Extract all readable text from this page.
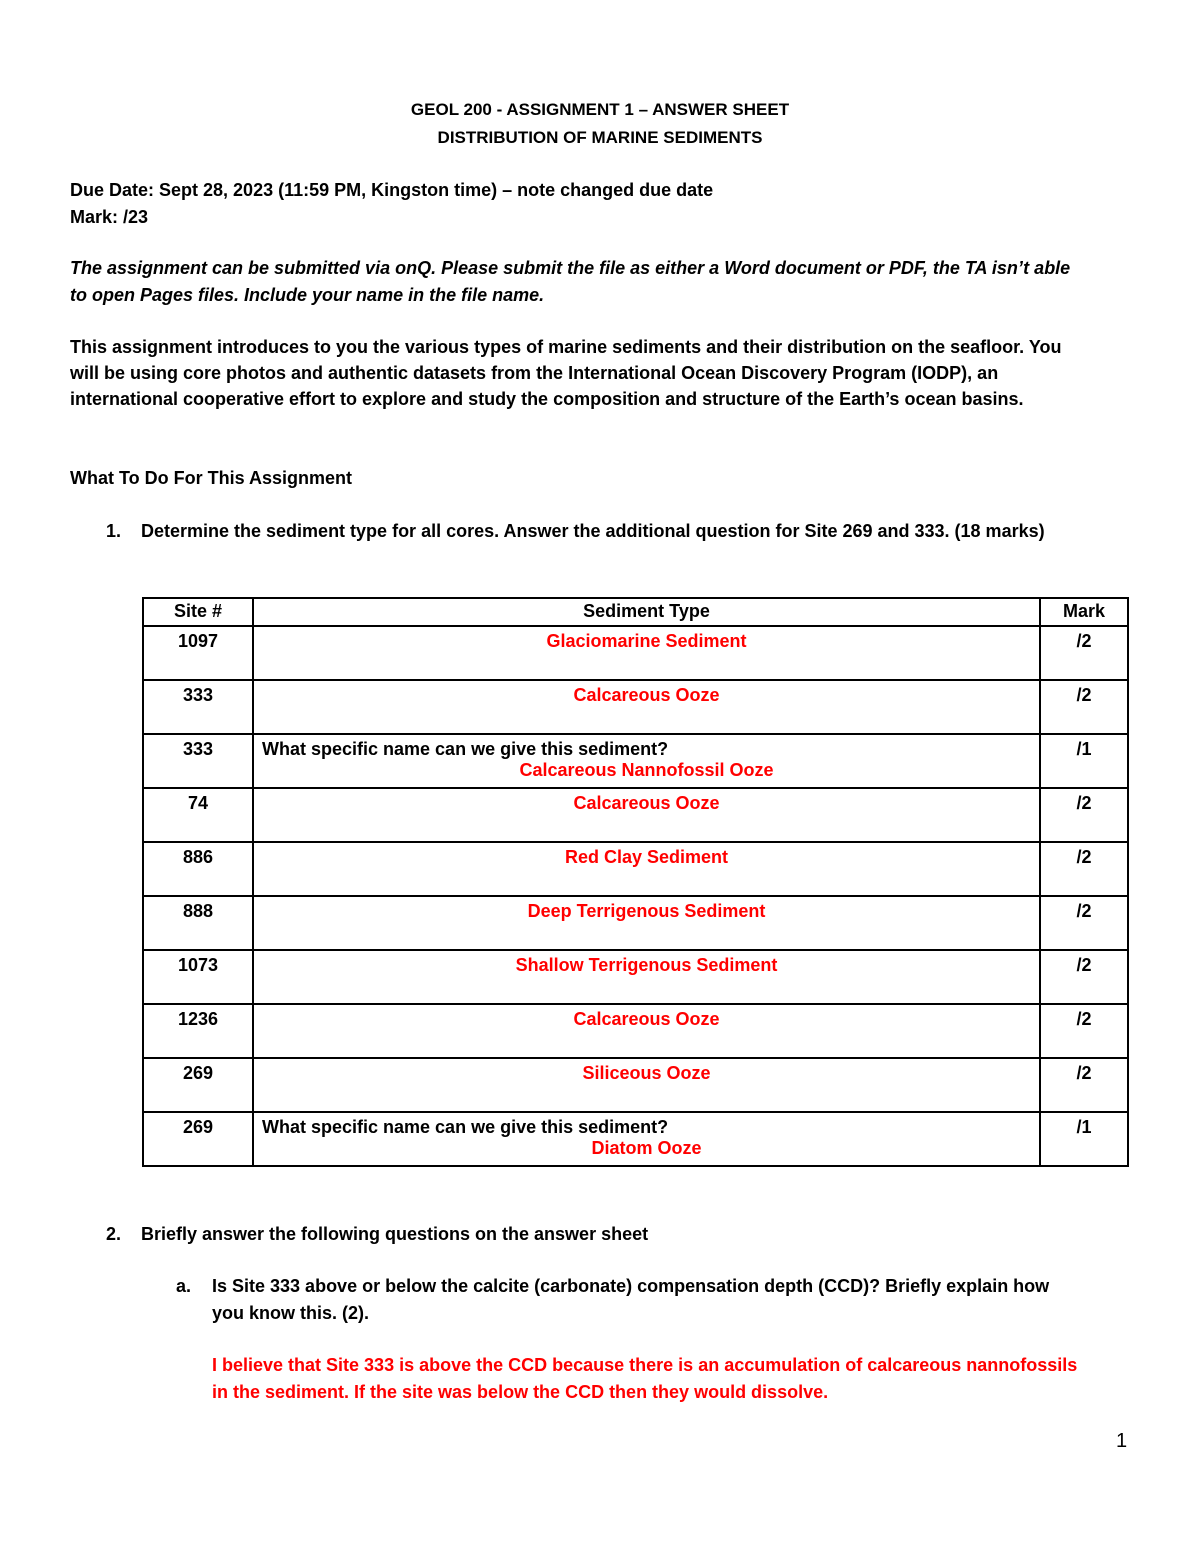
GEOL 200 - ASSIGNMENT 1 – ANSWER SHEET
DISTRIBUTION OF MARINE SEDIMENTS
Due Date: Sept 28, 2023 (11:59 PM, Kingston time) – note changed due date
Mark: /23
The assignment can be submitted via onQ. Please submit the file as either a Word document or PDF, the TA isn’t able
to open Pages files. Include your name in the file name.
This assignment introduces to you the various types of marine sediments and their distribution on the seafloor. You
will be using core photos and authentic datasets from the International Ocean Discovery Program (IODP), an
international cooperative effort to explore and study the composition and structure of the Earth’s ocean basins.
What To Do For This Assignment
1. Determine the sediment type for all cores. Answer the additional question for Site 269 and 333. (18 marks)
Site #	Sediment Type	Mark
1097	Glaciomarine Sediment	/2
333	Calcareous Ooze	/2
333	What specific name can we give this sediment?
Calcareous Nannofossil Ooze	/1
74	Calcareous Ooze	/2
886	Red Clay Sediment	/2
888	Deep Terrigenous Sediment	/2
1073	Shallow Terrigenous Sediment	/2
1236	Calcareous Ooze	/2
269	Siliceous Ooze	/2
269	What specific name can we give this sediment?
Diatom Ooze	/1
2. Briefly answer the following questions on the answer sheet
a. Is Site 333 above or below the calcite (carbonate) compensation depth (CCD)? Briefly explain how
you know this. (2).
I believe that Site 333 is above the CCD because there is an accumulation of calcareous nannofossils
in the sediment. If the site was below the CCD then they would dissolve.
1
